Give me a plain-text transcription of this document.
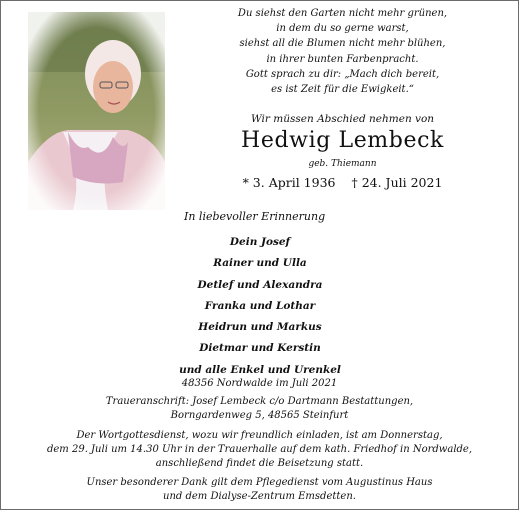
Du siehst den Garten nicht mehr grünen,
in dem du so gerne warst,
siehst all die Blumen nicht mehr blühen,
in ihrer bunten Farbenpracht.
Gott sprach zu dir: „Mach dich bereit,
es ist Zeit für die Ewigkeit.“
Wir müssen Abschied nehmen von
Hedwig Lembeck
geb. Thiemann
* 3. April 1936 † 24. Juli 2021
In liebevoller Erinnerung
Dein Josef
Rainer und Ulla
Detlef und Alexandra
Franka und Lothar
Heidrun und Markus
Dietmar und Kerstin
und alle Enkel und Urenkel
48356 Nordwalde im Juli 2021
Traueranschrift: Josef Lembeck c/o Dartmann Bestattungen,
Borngardenweg 5, 48565 Steinfurt
Der Wortgottesdienst, wozu wir freundlich einladen, ist am Donnerstag,
dem 29. Juli um 14.30 Uhr in der Trauerhalle auf dem kath. Friedhof in Nordwalde,
anschließend findet die Beisetzung statt.
Unser besonderer Dank gilt dem Pflegedienst vom Augustinus Haus
und dem Dialyse-Zentrum Emsdetten.
